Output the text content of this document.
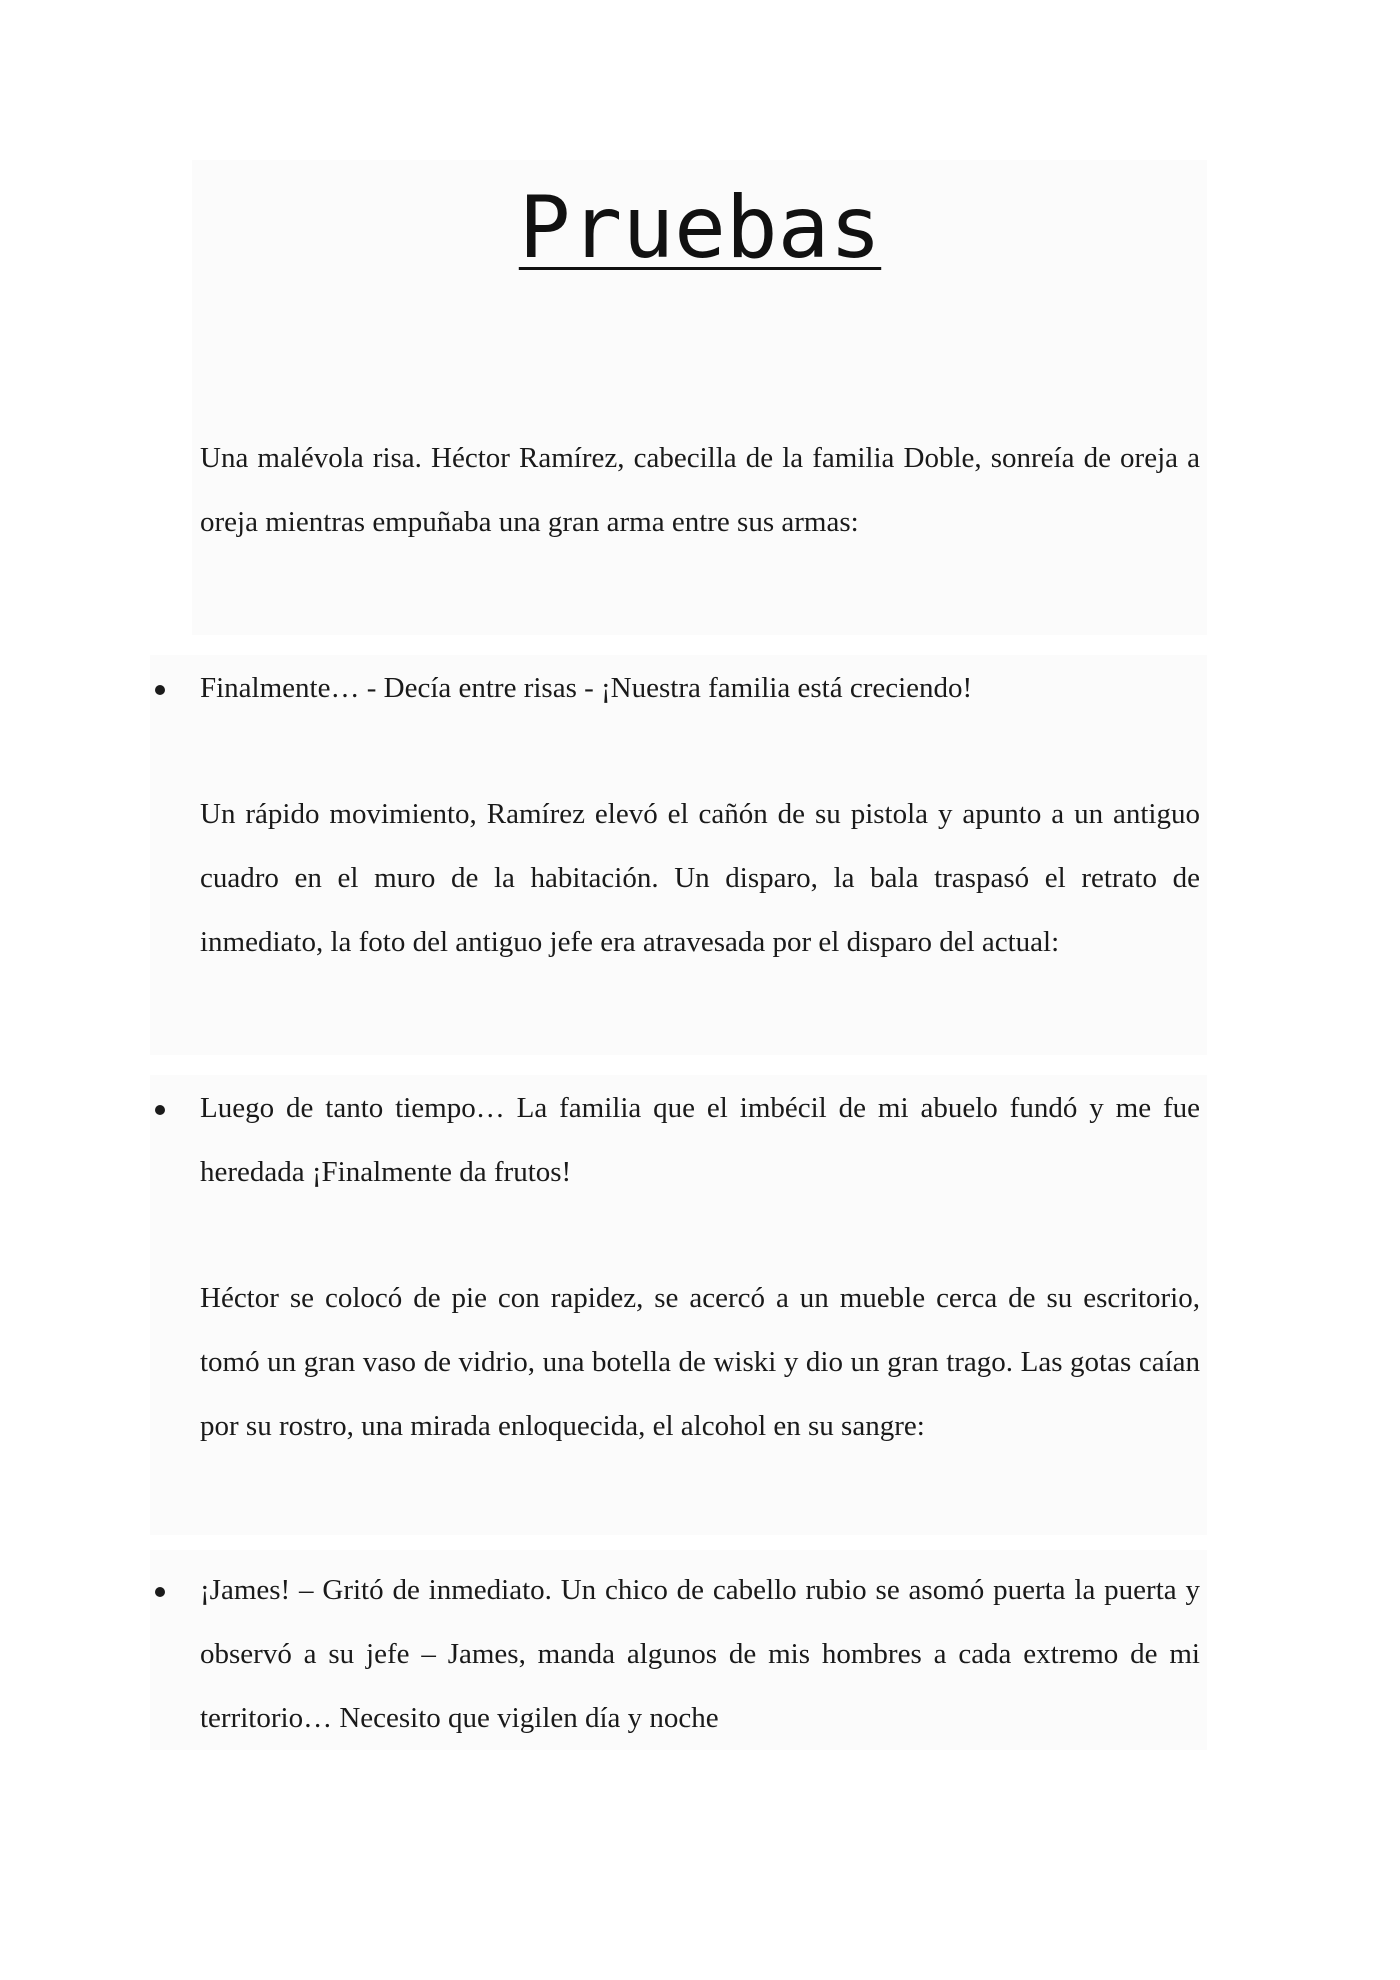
Pruebas
Una malévola risa. Héctor Ramírez, cabecilla de la familia Doble, sonreía de oreja a oreja mientras empuñaba una gran arma entre sus armas:
Finalmente… - Decía entre risas - ¡Nuestra familia está creciendo!
Un rápido movimiento, Ramírez elevó el cañón de su pistola y apunto a un antiguo cuadro en el muro de la habitación. Un disparo, la bala traspasó el retrato de inmediato, la foto del antiguo jefe era atravesada por el disparo del actual:
Luego de tanto tiempo… La familia que el imbécil de mi abuelo fundó y me fue heredada ¡Finalmente da frutos!
Héctor se colocó de pie con rapidez, se acercó a un mueble cerca de su escritorio, tomó un gran vaso de vidrio, una botella de wiski y dio un gran trago. Las gotas caían por su rostro, una mirada enloquecida, el alcohol en su sangre:
¡James! – Gritó de inmediato. Un chico de cabello rubio se asomó puerta la puerta y observó a su jefe – James, manda algunos de mis hombres a cada extremo de mi territorio… Necesito que vigilen día y noche
